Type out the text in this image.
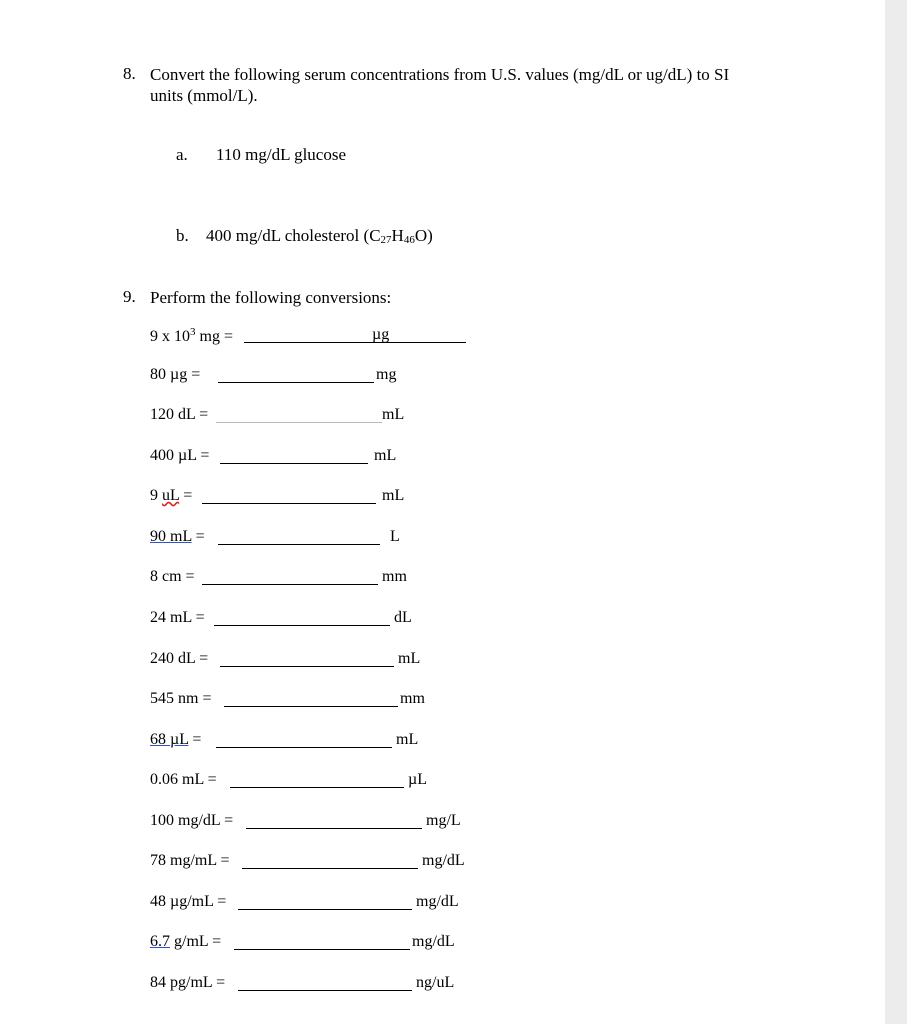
8. Convert the following serum concentrations from U.S. values (mg/dL or ug/dL) to SI
units (mmol/L).
a. 110 mg/dL glucose
b. 400 mg/dL cholesterol $(C_{27}H_{46}O)$
9. Perform the following conversions:
9 x $10^3$ mg =	µg
80 µg =	mg
120 dL =	mL
400 µL =	mL
9 uL =	mL
90 mL =	L
8 cm =	mm
24 mL =	dL
240 dL =	mL
545 nm =	mm
68 µL =	mL
0.06 mL =	µL
100 mg/dL =	mg/L
78 mg/mL =	mg/dL
48 µg/mL =	mg/dL
6.7 g/mL =	mg/dL
84 pg/mL =	ng/uL
